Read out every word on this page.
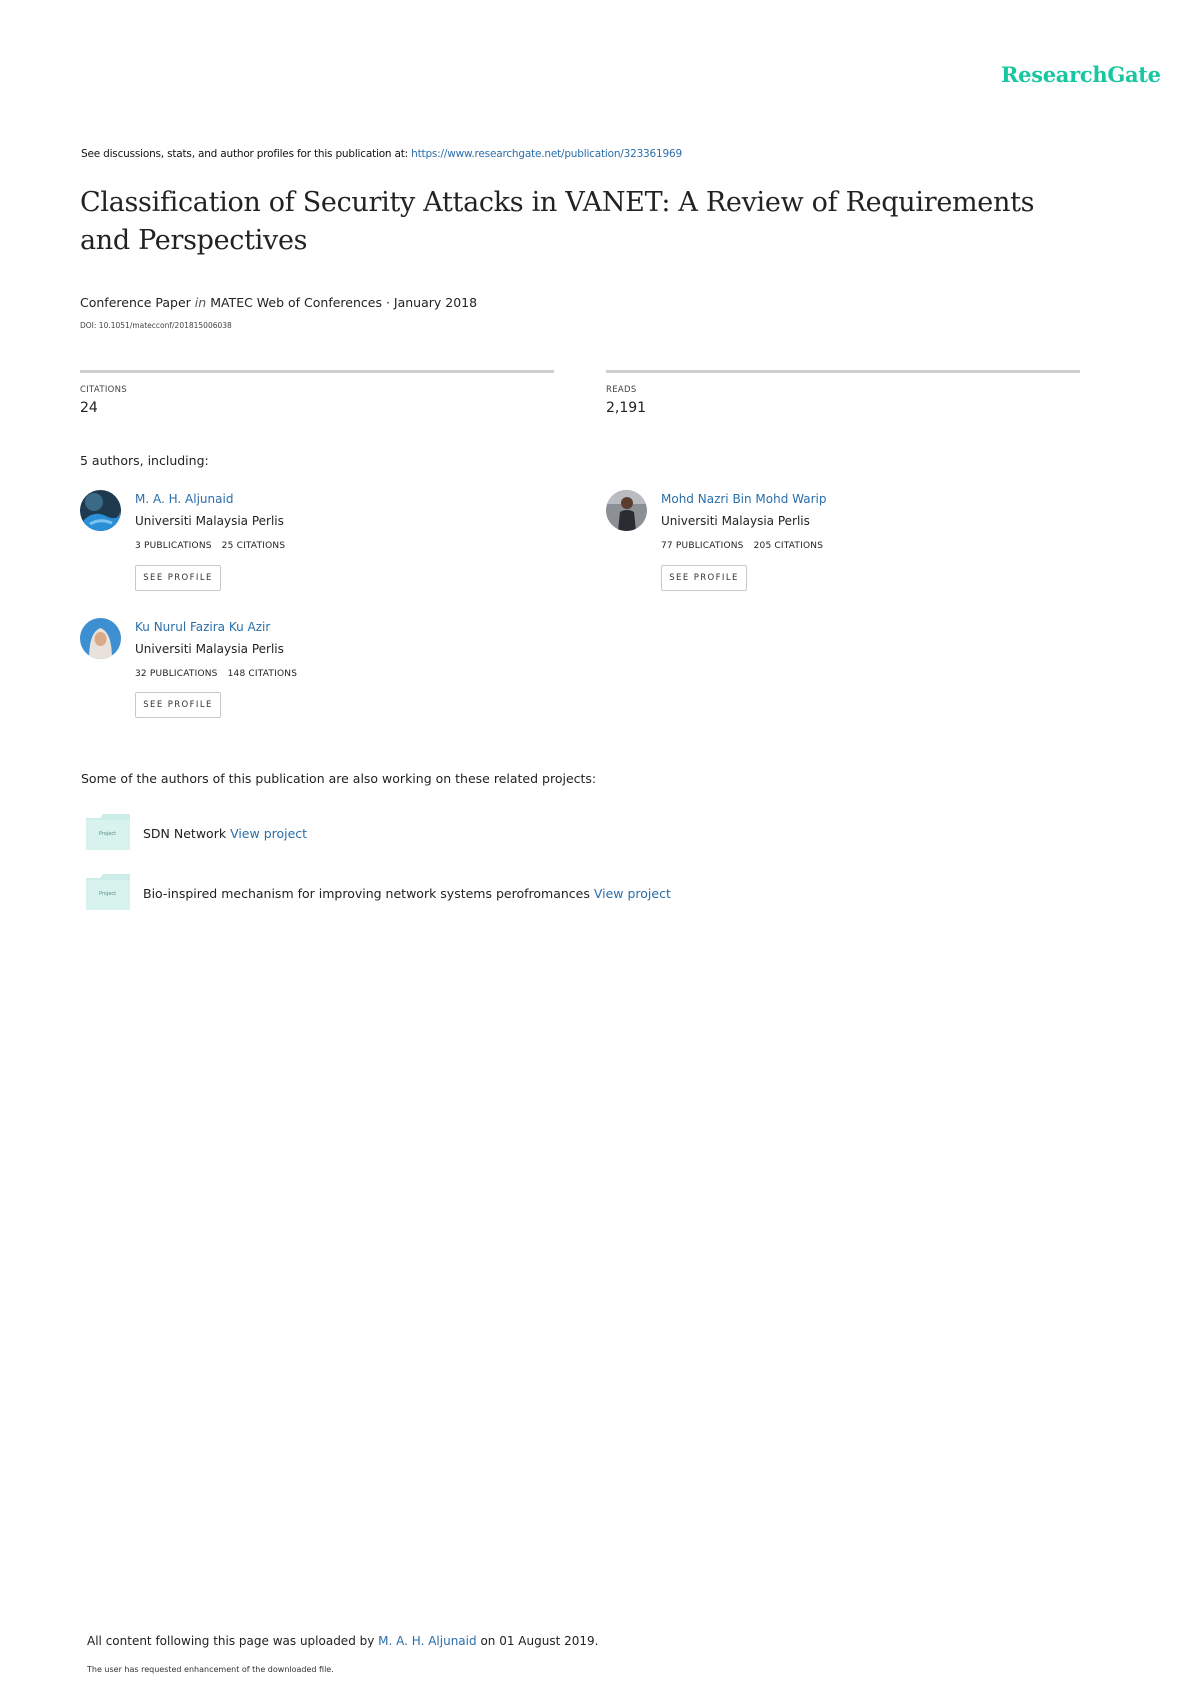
ResearchGate
See discussions, stats, and author profiles for this publication at: https://www.researchgate.net/publication/323361969
Classification of Security Attacks in VANET: A Review of Requirements and Perspectives
Conference Paper in MATEC Web of Conferences · January 2018
DOI: 10.1051/matecconf/201815006038
CITATIONS
24
READS
2,191
5 authors, including:
M. A. H. Aljunaid
Universiti Malaysia Perlis
3 PUBLICATIONS 25 CITATIONS
SEE PROFILE
Mohd Nazri Bin Mohd Warip
Universiti Malaysia Perlis
77 PUBLICATIONS 205 CITATIONS
SEE PROFILE
Ku Nurul Fazira Ku Azir
Universiti Malaysia Perlis
32 PUBLICATIONS 148 CITATIONS
SEE PROFILE
Some of the authors of this publication are also working on these related projects:
Project SDN Network View project
Project Bio-inspired mechanism for improving network systems perofromances View project
All content following this page was uploaded by M. A. H. Aljunaid on 01 August 2019.
The user has requested enhancement of the downloaded file.
